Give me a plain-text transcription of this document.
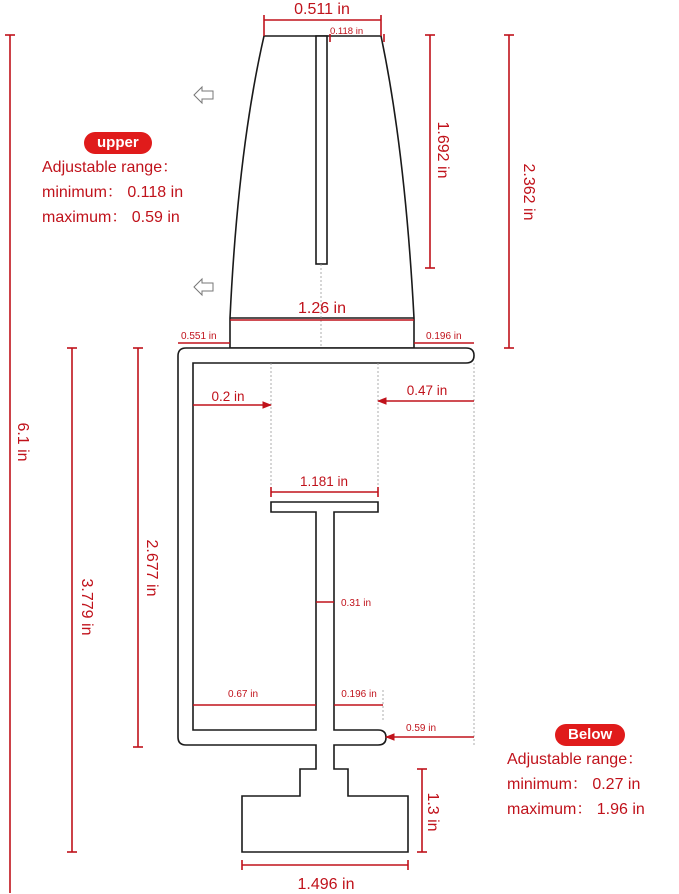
0.511 in
0.118 in
1.692 in
2.362 in
6.1 in
1.26 in
0.551 in	0.196 in
0.2 in	0.47 in
1.181 in
0.31 in
3.779 in
2.677 in
0.67 in	0.196 in
0.59 in
1.3 in
1.496 in
upper
Adjustable range：
minimum： 0.118 in
maximum： 0.59 in
Below
Adjustable range：
minimum： 0.27 in
maximum： 1.96 in
